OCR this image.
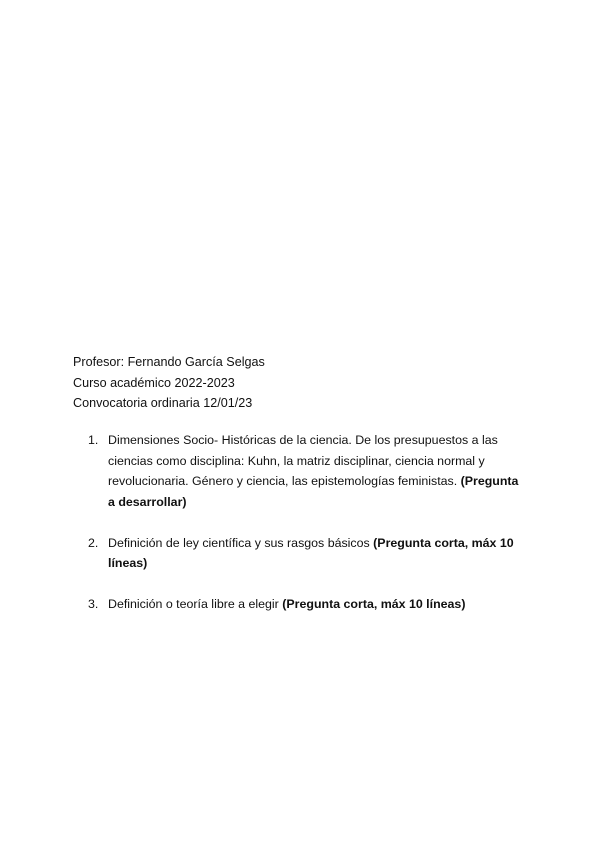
Profesor: Fernando García Selgas
Curso académico 2022-2023
Convocatoria ordinaria 12/01/23
1. Dimensiones Socio- Históricas de la ciencia. De los presupuestos a las ciencias como disciplina: Kuhn, la matriz disciplinar, ciencia normal y revolucionaria. Género y ciencia, las epistemologías feministas. (Pregunta a desarrollar)
2. Definición de ley científica y sus rasgos básicos (Pregunta corta, máx 10 líneas)
3. Definición o teoría libre a elegir (Pregunta corta, máx 10 líneas)
